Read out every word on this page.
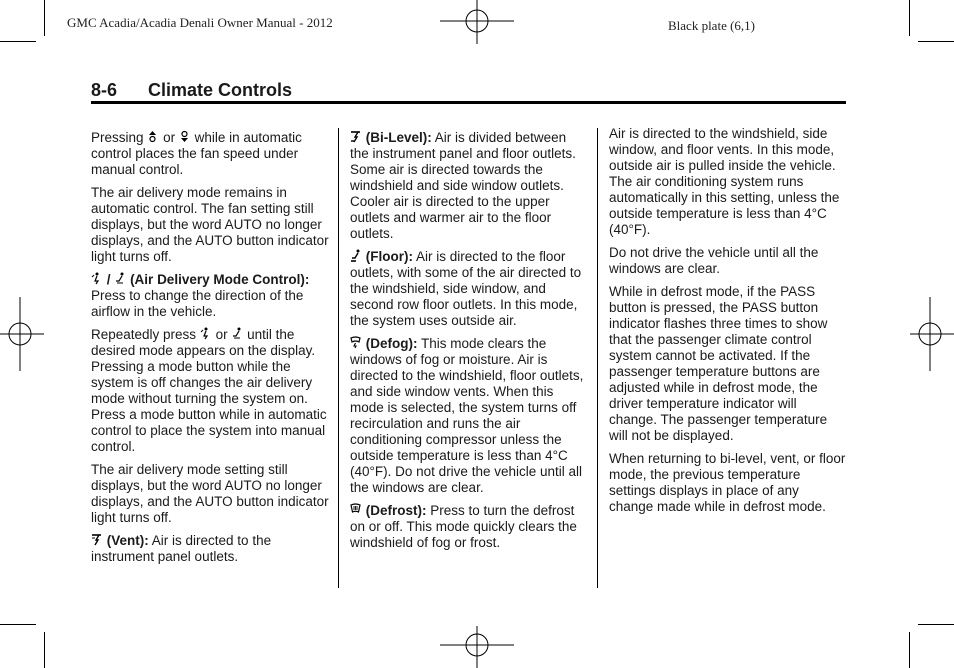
GMC Acadia/Acadia Denali Owner Manual - 2012	Black plate (6,1)
8-6 Climate Controls

Pressing or while in automatic control places the fan speed under manual control.

The air delivery mode remains in automatic control. The fan setting still displays, but the word AUTO no longer displays, and the AUTO button indicator light turns off.

/ (Air Delivery Mode Control): Press to change the direction of the airflow in the vehicle.

Repeatedly press or until the desired mode appears on the display. Pressing a mode button while the system is off changes the air delivery mode without turning the system on. Press a mode button while in automatic control to place the system into manual control.

The air delivery mode setting still displays, but the word AUTO no longer displays, and the AUTO button indicator light turns off.

(Vent): Air is directed to the instrument panel outlets.

(Bi-Level): Air is divided between the instrument panel and floor outlets. Some air is directed towards the windshield and side window outlets. Cooler air is directed to the upper outlets and warmer air to the floor outlets.

(Floor): Air is directed to the floor outlets, with some of the air directed to the windshield, side window, and second row floor outlets. In this mode, the system uses outside air.

(Defog): This mode clears the windows of fog or moisture. Air is directed to the windshield, floor outlets, and side window vents. When this mode is selected, the system turns off recirculation and runs the air conditioning compressor unless the outside temperature is less than 4°C (40°F). Do not drive the vehicle until all the windows are clear.

(Defrost): Press to turn the defrost on or off. This mode quickly clears the windshield of fog or frost.

Air is directed to the windshield, side window, and floor vents. In this mode, outside air is pulled inside the vehicle. The air conditioning system runs automatically in this setting, unless the outside temperature is less than 4°C (40°F).

Do not drive the vehicle until all the windows are clear.

While in defrost mode, if the PASS button is pressed, the PASS button indicator flashes three times to show that the passenger climate control system cannot be activated. If the passenger temperature buttons are adjusted while in defrost mode, the driver temperature indicator will change. The passenger temperature will not be displayed.

When returning to bi-level, vent, or floor mode, the previous temperature settings displays in place of any change made while in defrost mode.
